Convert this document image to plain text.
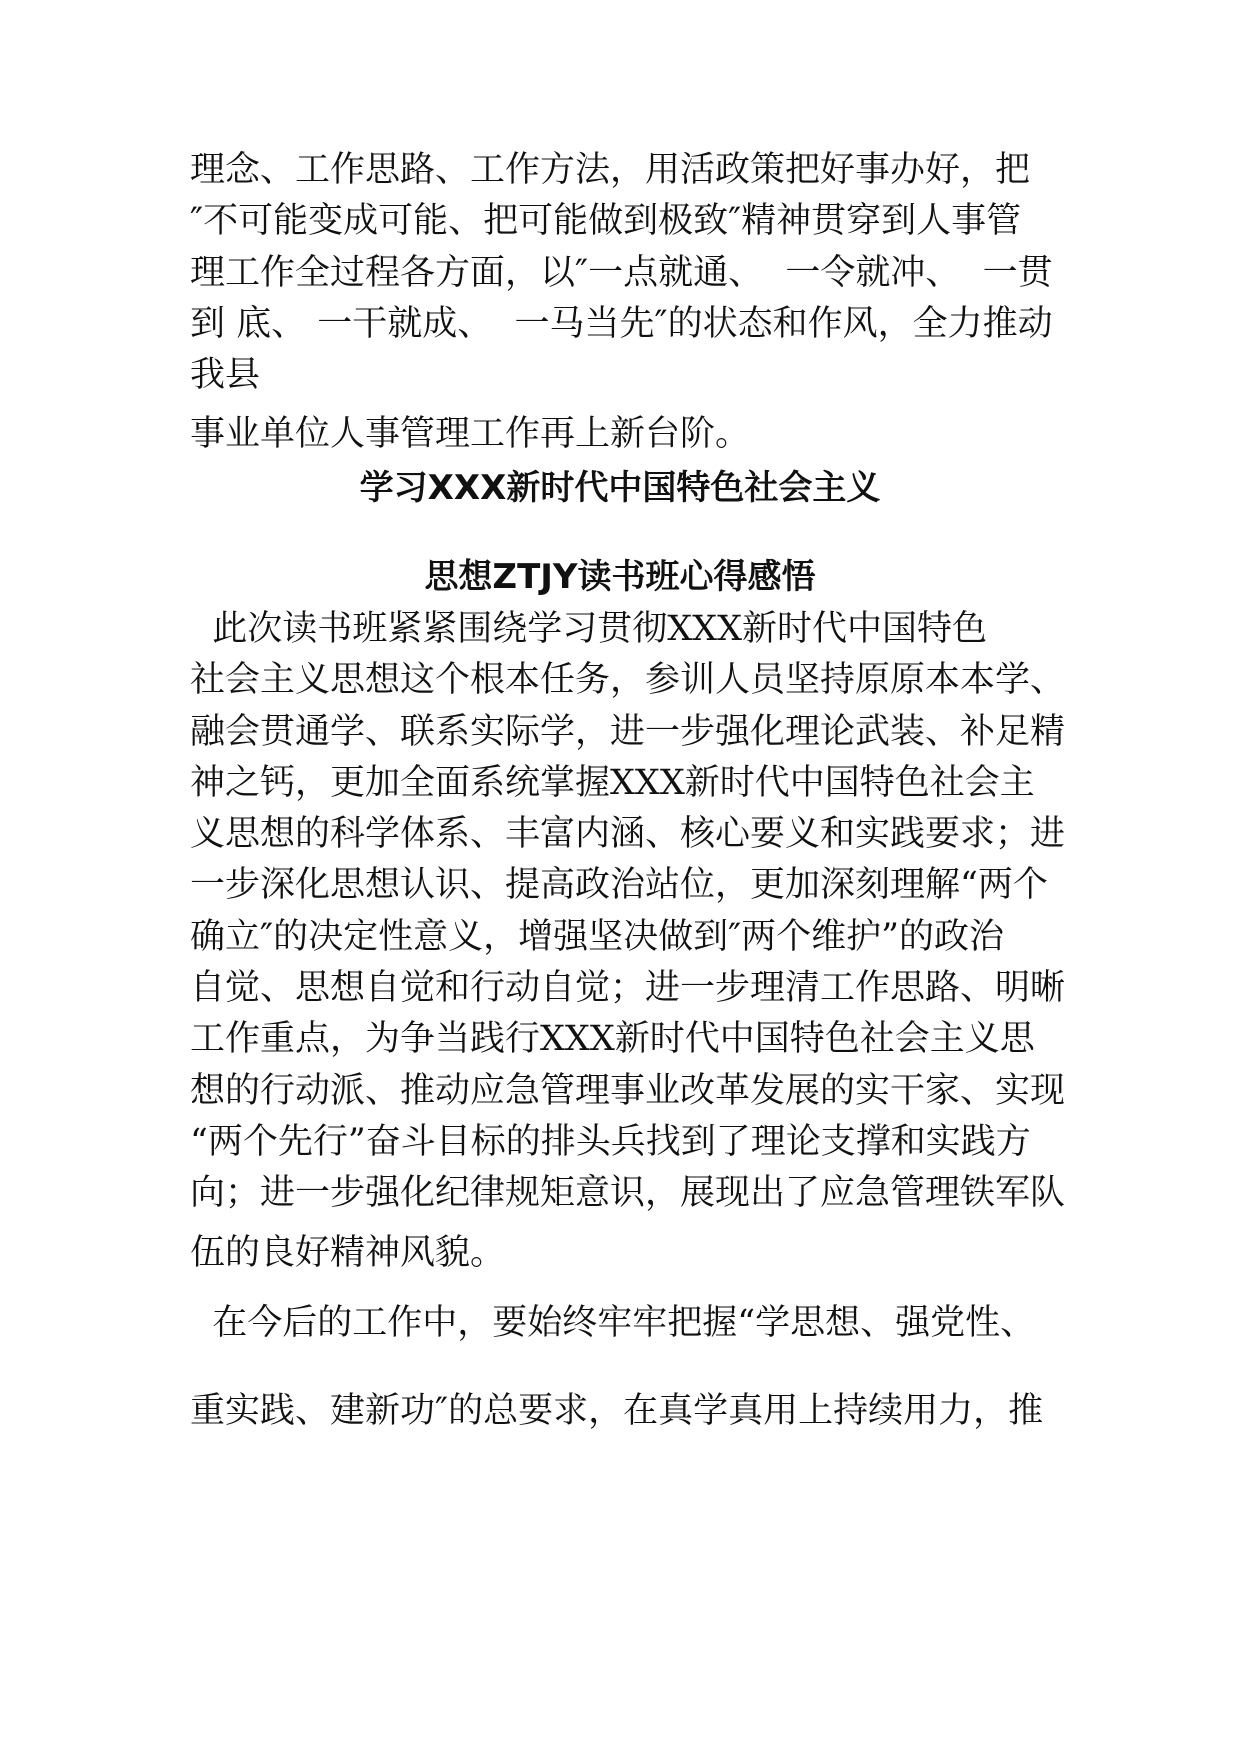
理念、工作思路、工作方法，用活政策把好事办好，把
″不可能变成可能、把可能做到极致″精神贯穿到人事管
理工作全过程各方面，以″一点就通、  一令就冲、  一贯
到 底、 一干就成、  一马当先″的状态和作风，全力推动
我县
事业单位人事管理工作再上新台阶。
学习XXX新时代中国特色社会主义
思想ZTJY读书班心得感悟
此次读书班紧紧围绕学习贯彻XXX新时代中国特色
社会主义思想这个根本任务，参训人员坚持原原本本学、
融会贯通学、联系实际学，进一步强化理论武装、补足精
神之钙，更加全面系统掌握XXX新时代中国特色社会主
义思想的科学体系、丰富内涵、核心要义和实践要求；进
一步深化思想认识、提高政治站位，更加深刻理解“两个
确立″的决定性意义，增强坚决做到″两个维护”的政治
自觉、思想自觉和行动自觉；进一步理清工作思路、明晰
工作重点，为争当践行XXX新时代中国特色社会主义思
想的行动派、推动应急管理事业改革发展的实干家、实现
“两个先行”奋斗目标的排头兵找到了理论支撑和实践方
向；进一步强化纪律规矩意识，展现出了应急管理铁军队
伍的良好精神风貌。
在今后的工作中，要始终牢牢把握“学思想、强党性、
重实践、建新功″的总要求，在真学真用上持续用力，推
